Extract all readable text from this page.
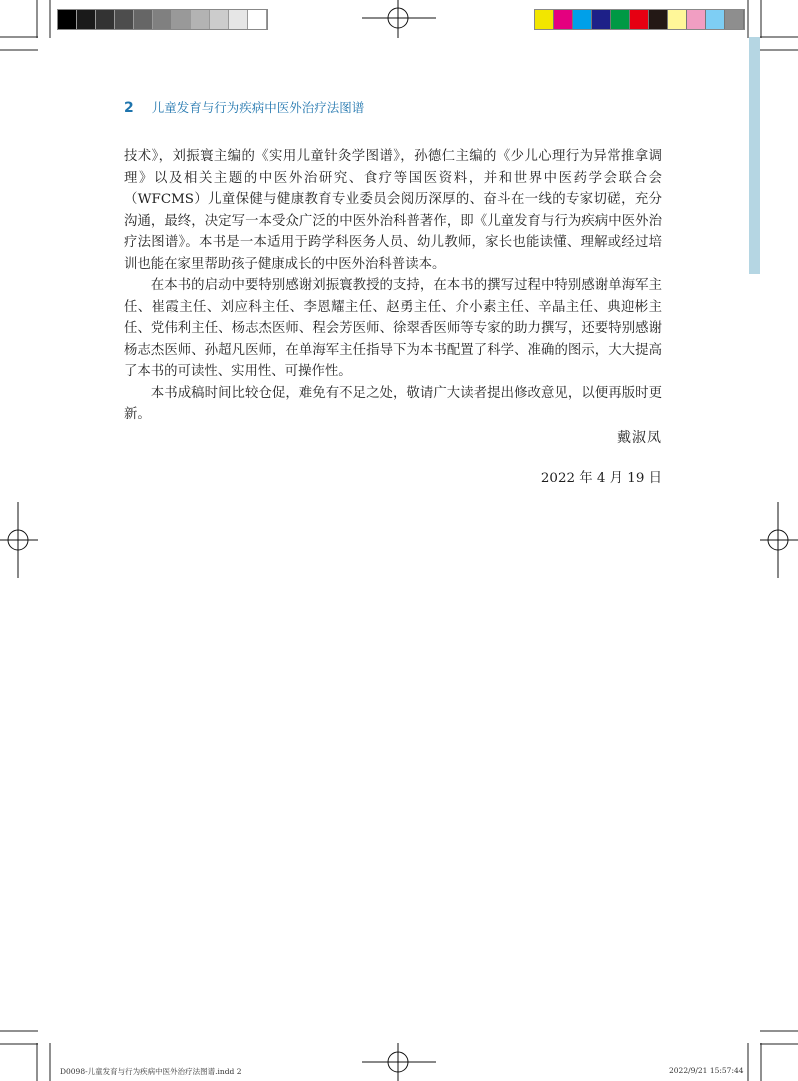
2 儿童发育与行为疾病中医外治疗法图谱

技术》，刘振寰主编的《实用儿童针灸学图谱》，孙德仁主编的《少儿心理行为异常推拿调理》以及相关主题的中医外治研究、食疗等国医资料，并和世界中医药学会联合会（WFCMS）儿童保健与健康教育专业委员会阅历深厚的、奋斗在一线的专家切磋，充分沟通，最终，决定写一本受众广泛的中医外治科普著作，即《儿童发育与行为疾病中医外治疗法图谱》。本书是一本适用于跨学科医务人员、幼儿教师，家长也能读懂、理解或经过培训也能在家里帮助孩子健康成长的中医外治科普读本。

在本书的启动中要特别感谢刘振寰教授的支持，在本书的撰写过程中特别感谢单海军主任、崔霞主任、刘应科主任、李恩耀主任、赵勇主任、介小素主任、辛晶主任、典迎彬主任、党伟利主任、杨志杰医师、程会芳医师、徐翠香医师等专家的助力撰写，还要特别感谢杨志杰医师、孙超凡医师，在单海军主任指导下为本书配置了科学、准确的图示，大大提高了本书的可读性、实用性、可操作性。

本书成稿时间比较仓促，难免有不足之处，敬请广大读者提出修改意见，以便再版时更新。

戴淑凤
2022 年 4 月 19 日
D0098-儿童发育与行为疾病中医外治疗法图谱.indd 2	2022/9/21 15:57:44
